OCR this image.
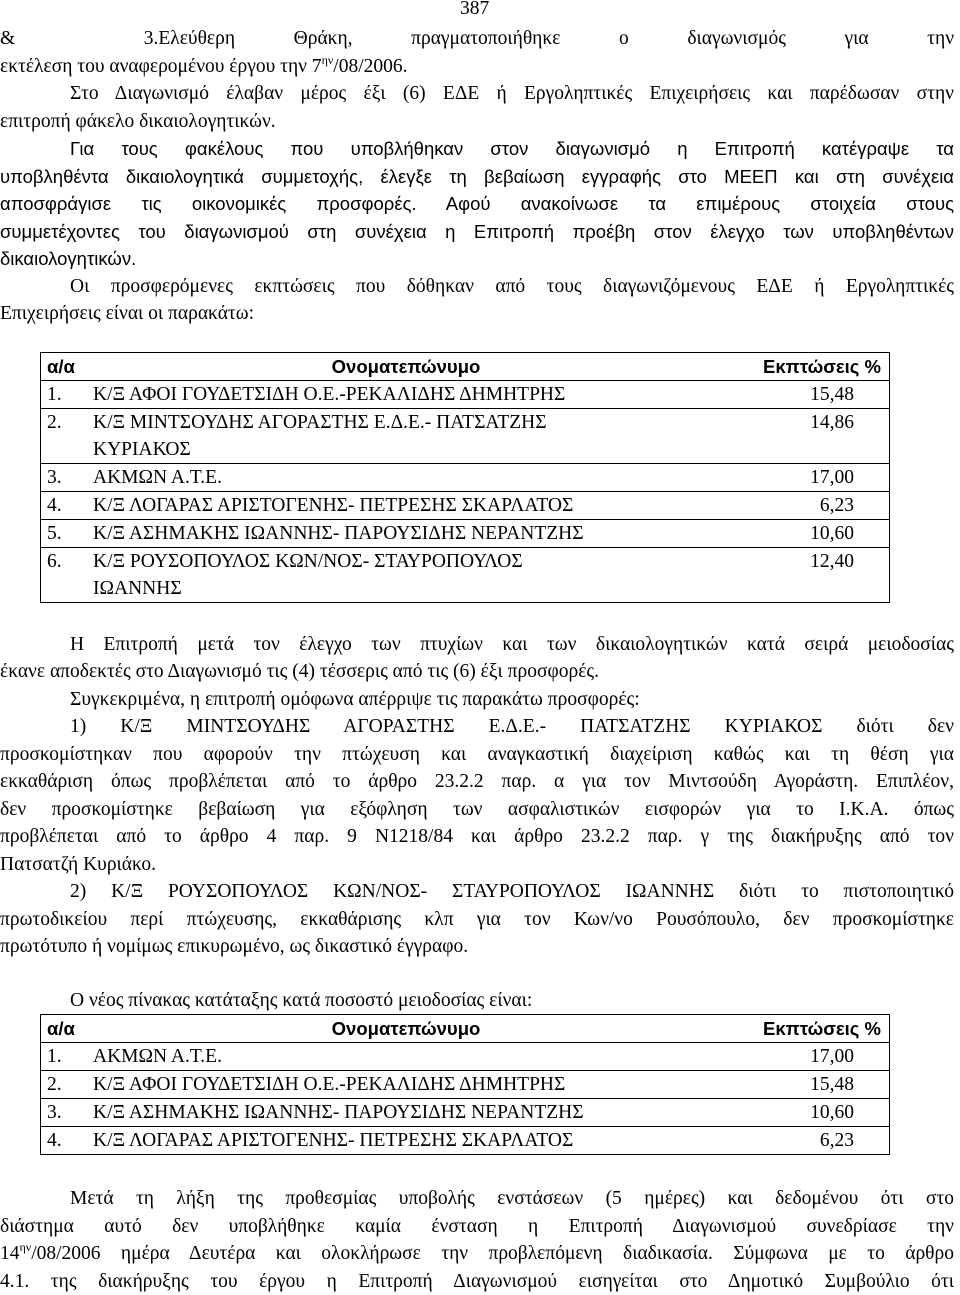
387

&	3.Ελεύθερη	Θράκη,	πραγματοποιήθηκε	ο	διαγωνισμός	για	την

εκτέλεση του αναφερομένου έργου την $7^{\eta\nu}/08/2006$.

Στο Διαγωνισμό έλαβαν μέρος έξι (6) ΕΔΕ ή Εργοληπτικές Επιχειρήσεις και παρέδωσαν στην

επιτροπή φάκελο δικαιολογητικών.

Για τους φακέλους που υποβλήθηκαν στον διαγωνισμό η Επιτροπή κατέγραψε τα

υποβληθέντα δικαιολογητικά συμμετοχής, έλεγξε τη βεβαίωση εγγραφής στο ΜΕΕΠ και στη συνέχεια

αποσφράγισε τις οικονομικές προσφορές. Αφού ανακοίνωσε τα επιμέρους στοιχεία στους

συμμετέχοντες του διαγωνισμού στη συνέχεια η Επιτροπή προέβη στον έλεγχο των υποβληθέντων

δικαιολογητικών.

Οι προσφερόμενες εκπτώσεις που δόθηκαν από τους διαγωνιζόμενους ΕΔΕ ή Εργοληπτικές

Επιχειρήσεις είναι οι παρακάτω:

α/α	Ονοματεπώνυμο	Εκπτώσεις %
1.	Κ/Ξ ΑΦΟΙ ΓΟΥΔΕΤΣΙΔΗ Ο.Ε.-ΡΕΚΑΛΙΔΗΣ ΔΗΜΗΤΡΗΣ	15,48
2.	Κ/Ξ ΜΙΝΤΣΟΥΔΗΣ ΑΓΟΡΑΣΤΗΣ Ε.Δ.Ε.- ΠΑΤΣΑΤΖΗΣ
ΚΥΡΙΑΚΟΣ	14,86
3.	ΑΚΜΩΝ Α.Τ.Ε.	17,00
4.	Κ/Ξ ΛΟΓΑΡΑΣ ΑΡΙΣΤΟΓΕΝΗΣ- ΠΕΤΡΕΣΗΣ ΣΚΑΡΛΑΤΟΣ	6,23
5.	Κ/Ξ ΑΣΗΜΑΚΗΣ ΙΩΑΝΝΗΣ- ΠΑΡΟΥΣΙΔΗΣ ΝΕΡΑΝΤΖΗΣ	10,60
6.	Κ/Ξ ΡΟΥΣΟΠΟΥΛΟΣ ΚΩΝ/ΝΟΣ- ΣΤΑΥΡΟΠΟΥΛΟΣ
ΙΩΑΝΝΗΣ	12,40

Η Επιτροπή μετά τον έλεγχο των πτυχίων και των δικαιολογητικών κατά σειρά μειοδοσίας

έκανε αποδεκτές στο Διαγωνισμό τις (4) τέσσερις από τις (6) έξι προσφορές.

Συγκεκριμένα, η επιτροπή ομόφωνα απέρριψε τις παρακάτω προσφορές:

1) Κ/Ξ ΜΙΝΤΣΟΥΔΗΣ ΑΓΟΡΑΣΤΗΣ Ε.Δ.Ε.- ΠΑΤΣΑΤΖΗΣ ΚΥΡΙΑΚΟΣ διότι δεν

προσκομίστηκαν που αφορούν την πτώχευση και αναγκαστική διαχείριση καθώς και τη θέση για

εκκαθάριση όπως προβλέπεται από το άρθρο 23.2.2 παρ. α για τον Μιντσούδη Αγοράστη. Επιπλέον,

δεν προσκομίστηκε βεβαίωση για εξόφληση των ασφαλιστικών εισφορών για το Ι.Κ.Α. όπως

προβλέπεται από το άρθρο 4 παρ. 9 Ν1218/84 και άρθρο 23.2.2 παρ. γ της διακήρυξης από τον

Πατσατζή Κυριάκο.

2) Κ/Ξ ΡΟΥΣΟΠΟΥΛΟΣ ΚΩΝ/ΝΟΣ- ΣΤΑΥΡΟΠΟΥΛΟΣ ΙΩΑΝΝΗΣ διότι το πιστοποιητικό

πρωτοδικείου περί πτώχευσης, εκκαθάρισης κλπ για τον Κων/νο Ρουσόπουλο, δεν προσκομίστηκε

πρωτότυπο ή νομίμως επικυρωμένο, ως δικαστικό έγγραφο.

Ο νέος πίνακας κατάταξης κατά ποσοστό μειοδοσίας είναι:

α/α	Ονοματεπώνυμο	Εκπτώσεις %
1.	ΑΚΜΩΝ Α.Τ.Ε.	17,00
2.	Κ/Ξ ΑΦΟΙ ΓΟΥΔΕΤΣΙΔΗ Ο.Ε.-ΡΕΚΑΛΙΔΗΣ ΔΗΜΗΤΡΗΣ	15,48
3.	Κ/Ξ ΑΣΗΜΑΚΗΣ ΙΩΑΝΝΗΣ- ΠΑΡΟΥΣΙΔΗΣ ΝΕΡΑΝΤΖΗΣ	10,60
4.	Κ/Ξ ΛΟΓΑΡΑΣ ΑΡΙΣΤΟΓΕΝΗΣ- ΠΕΤΡΕΣΗΣ ΣΚΑΡΛΑΤΟΣ	6,23

Μετά τη λήξη της προθεσμίας υποβολής ενστάσεων (5 ημέρες) και δεδομένου ότι στο

διάστημα αυτό δεν υποβλήθηκε καμία ένσταση η Επιτροπή Διαγωνισμού συνεδρίασε την

$14^{\eta\nu}/08/2006$ ημέρα Δευτέρα και ολοκλήρωσε την προβλεπόμενη διαδικασία. Σύμφωνα με το άρθρο

4.1. της διακήρυξης του έργου η Επιτροπή Διαγωνισμού εισηγείται στο Δημοτικό Συμβούλιο ότι
